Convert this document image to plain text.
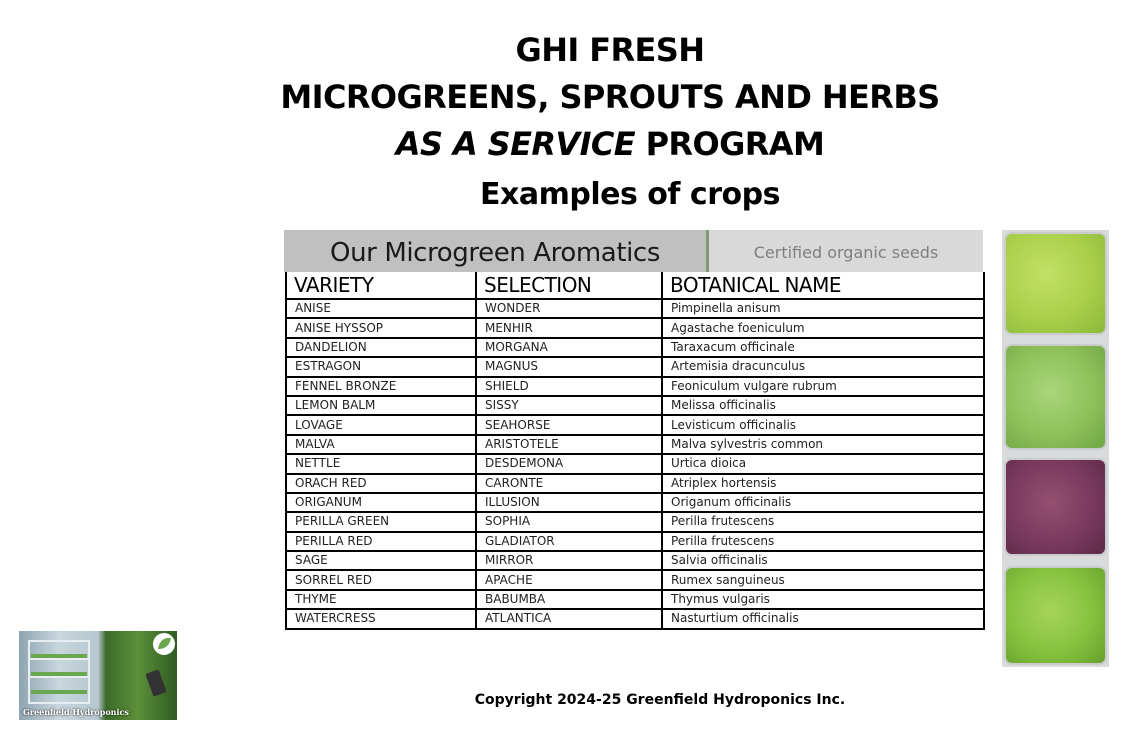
GHI FRESH
MICROGREENS, SPROUTS AND HERBS
AS A SERVICE PROGRAM
Examples of crops
Our Microgreen Aromatics	Certified organic seeds
VARIETY	SELECTION	BOTANICAL NAME
ANISE	WONDER	Pimpinella anisum
ANISE HYSSOP	MENHIR	Agastache foeniculum
DANDELION	MORGANA	Taraxacum officinale
ESTRAGON	MAGNUS	Artemisia dracunculus
FENNEL BRONZE	SHIELD	Feoniculum vulgare rubrum
LEMON BALM	SISSY	Melissa officinalis
LOVAGE	SEAHORSE	Levisticum officinalis
MALVA	ARISTOTELE	Malva sylvestris common
NETTLE	DESDEMONA	Urtica dioica
ORACH RED	CARONTE	Atriplex hortensis
ORIGANUM	ILLUSION	Origanum officinalis
PERILLA GREEN	SOPHIA	Perilla frutescens
PERILLA RED	GLADIATOR	Perilla frutescens
SAGE	MIRROR	Salvia officinalis
SORREL RED	APACHE	Rumex sanguineus
THYME	BABUMBA	Thymus vulgaris
WATERCRESS	ATLANTICA	Nasturtium officinalis
Greenfield Hydroponics
Copyright 2024-25 Greenfield Hydroponics Inc.
